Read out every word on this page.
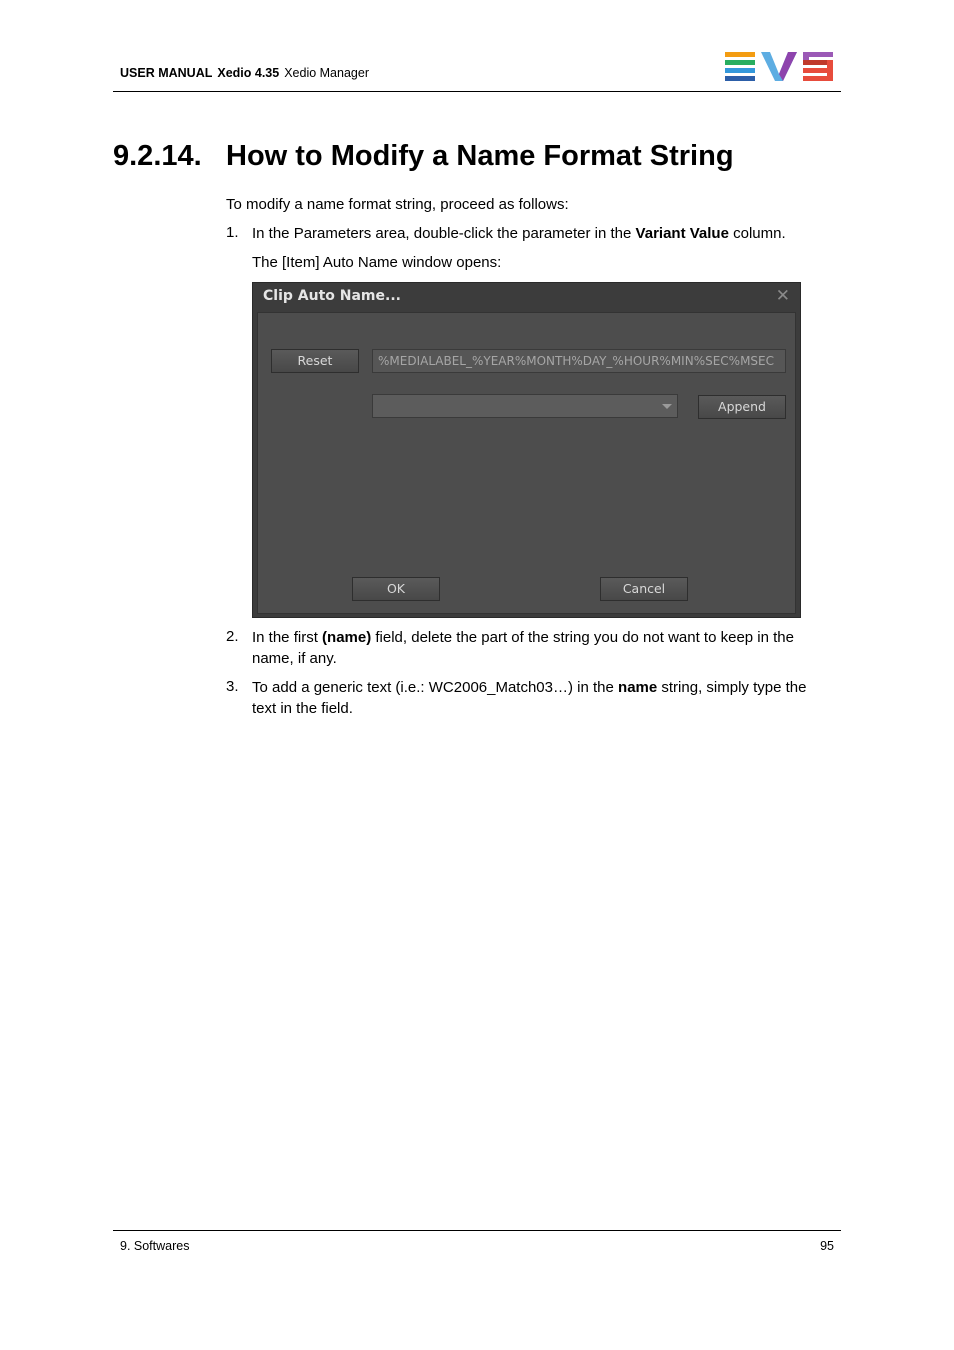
USER MANUAL Xedio 4.35 Xedio Manager
9.2.14. How to Modify a Name Format String
To modify a name format string, proceed as follows:
1. In the Parameters area, double-click the parameter in the Variant Value column.
The [Item] Auto Name window opens:
Clip Auto Name...	✕
Reset	%MEDIALABEL_%YEAR%MONTH%DAY_%HOUR%MIN%SEC%MSEC
Append
OK	Cancel
2. In the first (name) field, delete the part of the string you do not want to keep in the
name, if any.
3. To add a generic text (i.e.: WC2006_Match03…) in the name string, simply type the
text in the field.
9. Softwares	95
